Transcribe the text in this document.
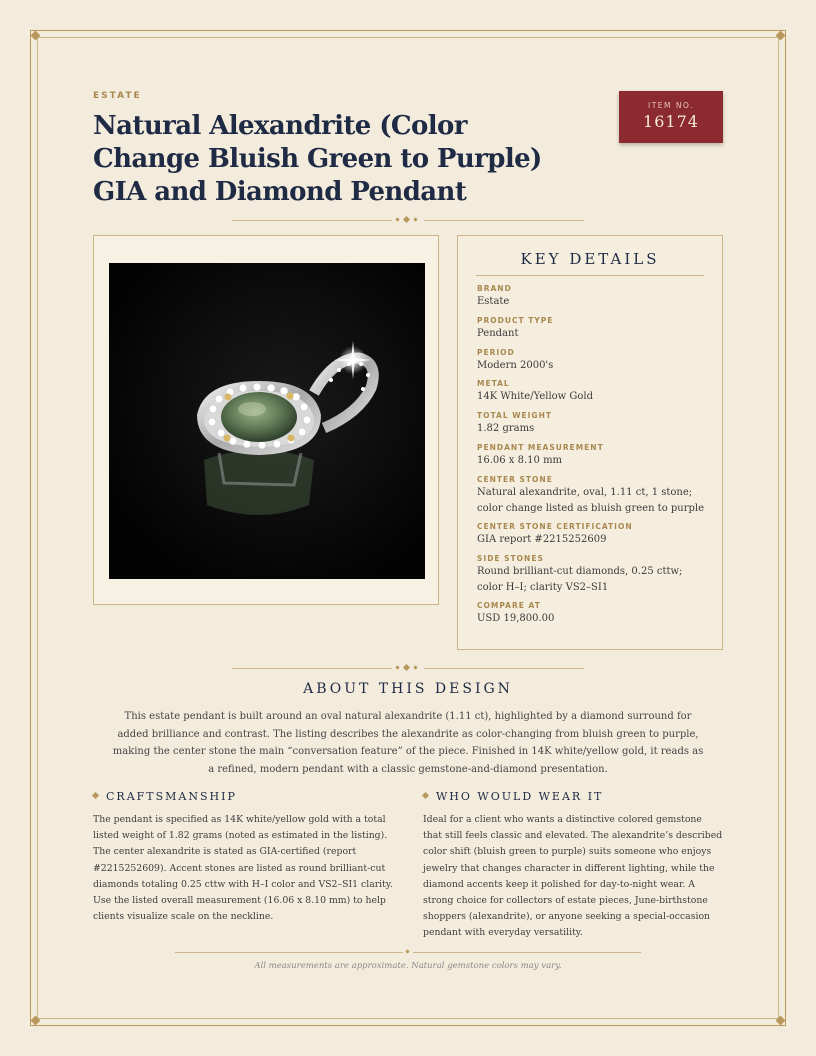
ESTATE
Natural Alexandrite (Color Change Bluish Green to Purple) GIA and Diamond Pendant
ITEM NO.
16174
KEY DETAILS
BRAND
Estate
PRODUCT TYPE
Pendant
PERIOD
Modern 2000's
METAL
14K White/Yellow Gold
TOTAL WEIGHT
1.82 grams
PENDANT MEASUREMENT
16.06 x 8.10 mm
CENTER STONE
Natural alexandrite, oval, 1.11 ct, 1 stone; color change listed as bluish green to purple
CENTER STONE CERTIFICATION
GIA report #2215252609
SIDE STONES
Round brilliant-cut diamonds, 0.25 cttw; color H–I; clarity VS2–SI1
COMPARE AT
USD 19,800.00
ABOUT THIS DESIGN

This estate pendant is built around an oval natural alexandrite (1.11 ct), highlighted by a diamond surround for added brilliance and contrast. The listing describes the alexandrite as color-changing from bluish green to purple, making the center stone the main “conversation feature” of the piece. Finished in 14K white/yellow gold, it reads as a refined, modern pendant with a classic gemstone-and-diamond presentation.

CRAFTSMANSHIP

The pendant is specified as 14K white/yellow gold with a total listed weight of 1.82 grams (noted as estimated in the listing). The center alexandrite is stated as GIA-certified (report #2215252609). Accent stones are listed as round brilliant-cut diamonds totaling 0.25 cttw with H–I color and VS2–SI1 clarity. Use the listed overall measurement (16.06 x 8.10 mm) to help clients visualize scale on the neckline.

WHO WOULD WEAR IT

Ideal for a client who wants a distinctive colored gemstone that still feels classic and elevated. The alexandrite’s described color shift (bluish green to purple) suits someone who enjoys jewelry that changes character in different lighting, while the diamond accents keep it polished for day-to-night wear. A strong choice for collectors of estate pieces, June-birthstone shoppers (alexandrite), or anyone seeking a special-occasion pendant with everyday versatility.

All measurements are approximate. Natural gemstone colors may vary.
